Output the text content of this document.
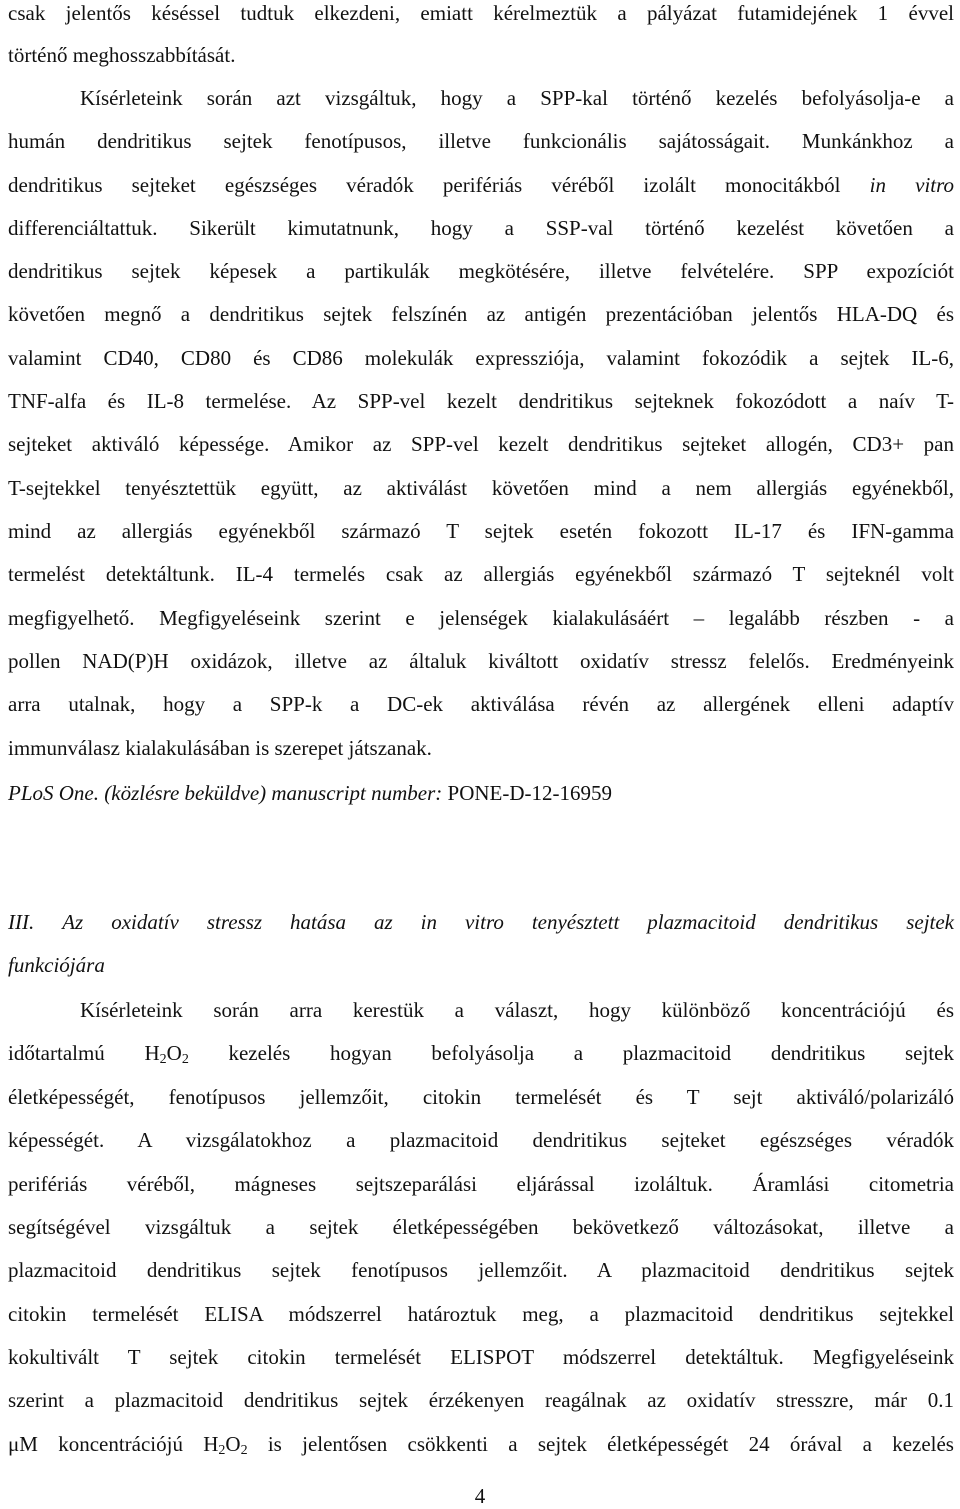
csak jelentős késéssel tudtuk elkezdeni, emiatt kérelmeztük a pályázat futamidejének 1 évvel
történő meghosszabbítását.
Kísérleteink során azt vizsgáltuk, hogy a SPP-kal történő kezelés befolyásolja-e a
humán dendritikus sejtek fenotípusos, illetve funkcionális sajátosságait. Munkánkhoz a
dendritikus sejteket egészséges véradók perifériás véréből izolált monocitákból in vitro
differenciáltattuk. Sikerült kimutatnunk, hogy a SSP-val történő kezelést követően a
dendritikus sejtek képesek a partikulák megkötésére, illetve felvételére. SPP expozíciót
követően megnő a dendritikus sejtek felszínén az antigén prezentációban jelentős HLA-DQ és
valamint CD40, CD80 és CD86 molekulák expressziója, valamint fokozódik a sejtek IL-6,
TNF-alfa és IL-8 termelése. Az SPP-vel kezelt dendritikus sejteknek fokozódott a naív T-
sejteket aktiváló képessége. Amikor az SPP-vel kezelt dendritikus sejteket allogén, CD3+ pan
T-sejtekkel tenyésztettük együtt, az aktiválást követően mind a nem allergiás egyénekből,
mind az allergiás egyénekből származó T sejtek esetén fokozott IL-17 és IFN-gamma
termelést detektáltunk. IL-4 termelés csak az allergiás egyénekből származó T sejteknél volt
megfigyelhető. Megfigyeléseink szerint e jelenségek kialakulásáért – legalább részben - a
pollen NAD(P)H oxidázok, illetve az általuk kiváltott oxidatív stressz felelős. Eredményeink
arra utalnak, hogy a SPP-k a DC-ek aktiválása révén az allergének elleni adaptív
immunválasz kialakulásában is szerepet játszanak.
PLoS One. (közlésre beküldve) manuscript number: PONE-D-12-16959
III. Az oxidatív stressz hatása az in vitro tenyésztett plazmacitoid dendritikus sejtek
funkciójára
Kísérleteink során arra kerestük a választ, hogy különböző koncentrációjú és
időtartalmú $H_2O_2$ kezelés hogyan befolyásolja a plazmacitoid dendritikus sejtek
életképességét, fenotípusos jellemzőit, citokin termelését és T sejt aktiváló/polarizáló
képességét. A vizsgálatokhoz a plazmacitoid dendritikus sejteket egészséges véradók
perifériás véréből, mágneses sejtszeparálási eljárással izoláltuk. Áramlási citometria
segítségével vizsgáltuk a sejtek életképességében bekövetkező változásokat, illetve a
plazmacitoid dendritikus sejtek fenotípusos jellemzőit. A plazmacitoid dendritikus sejtek
citokin termelését ELISA módszerrel határoztuk meg, a plazmacitoid dendritikus sejtekkel
kokultivált T sejtek citokin termelését ELISPOT módszerrel detektáltuk. Megfigyeléseink
szerint a plazmacitoid dendritikus sejtek érzékenyen reagálnak az oxidatív stresszre, már 0.1
μM koncentrációjú $H_2O_2$ is jelentősen csökkenti a sejtek életképességét 24 órával a kezelés
4
